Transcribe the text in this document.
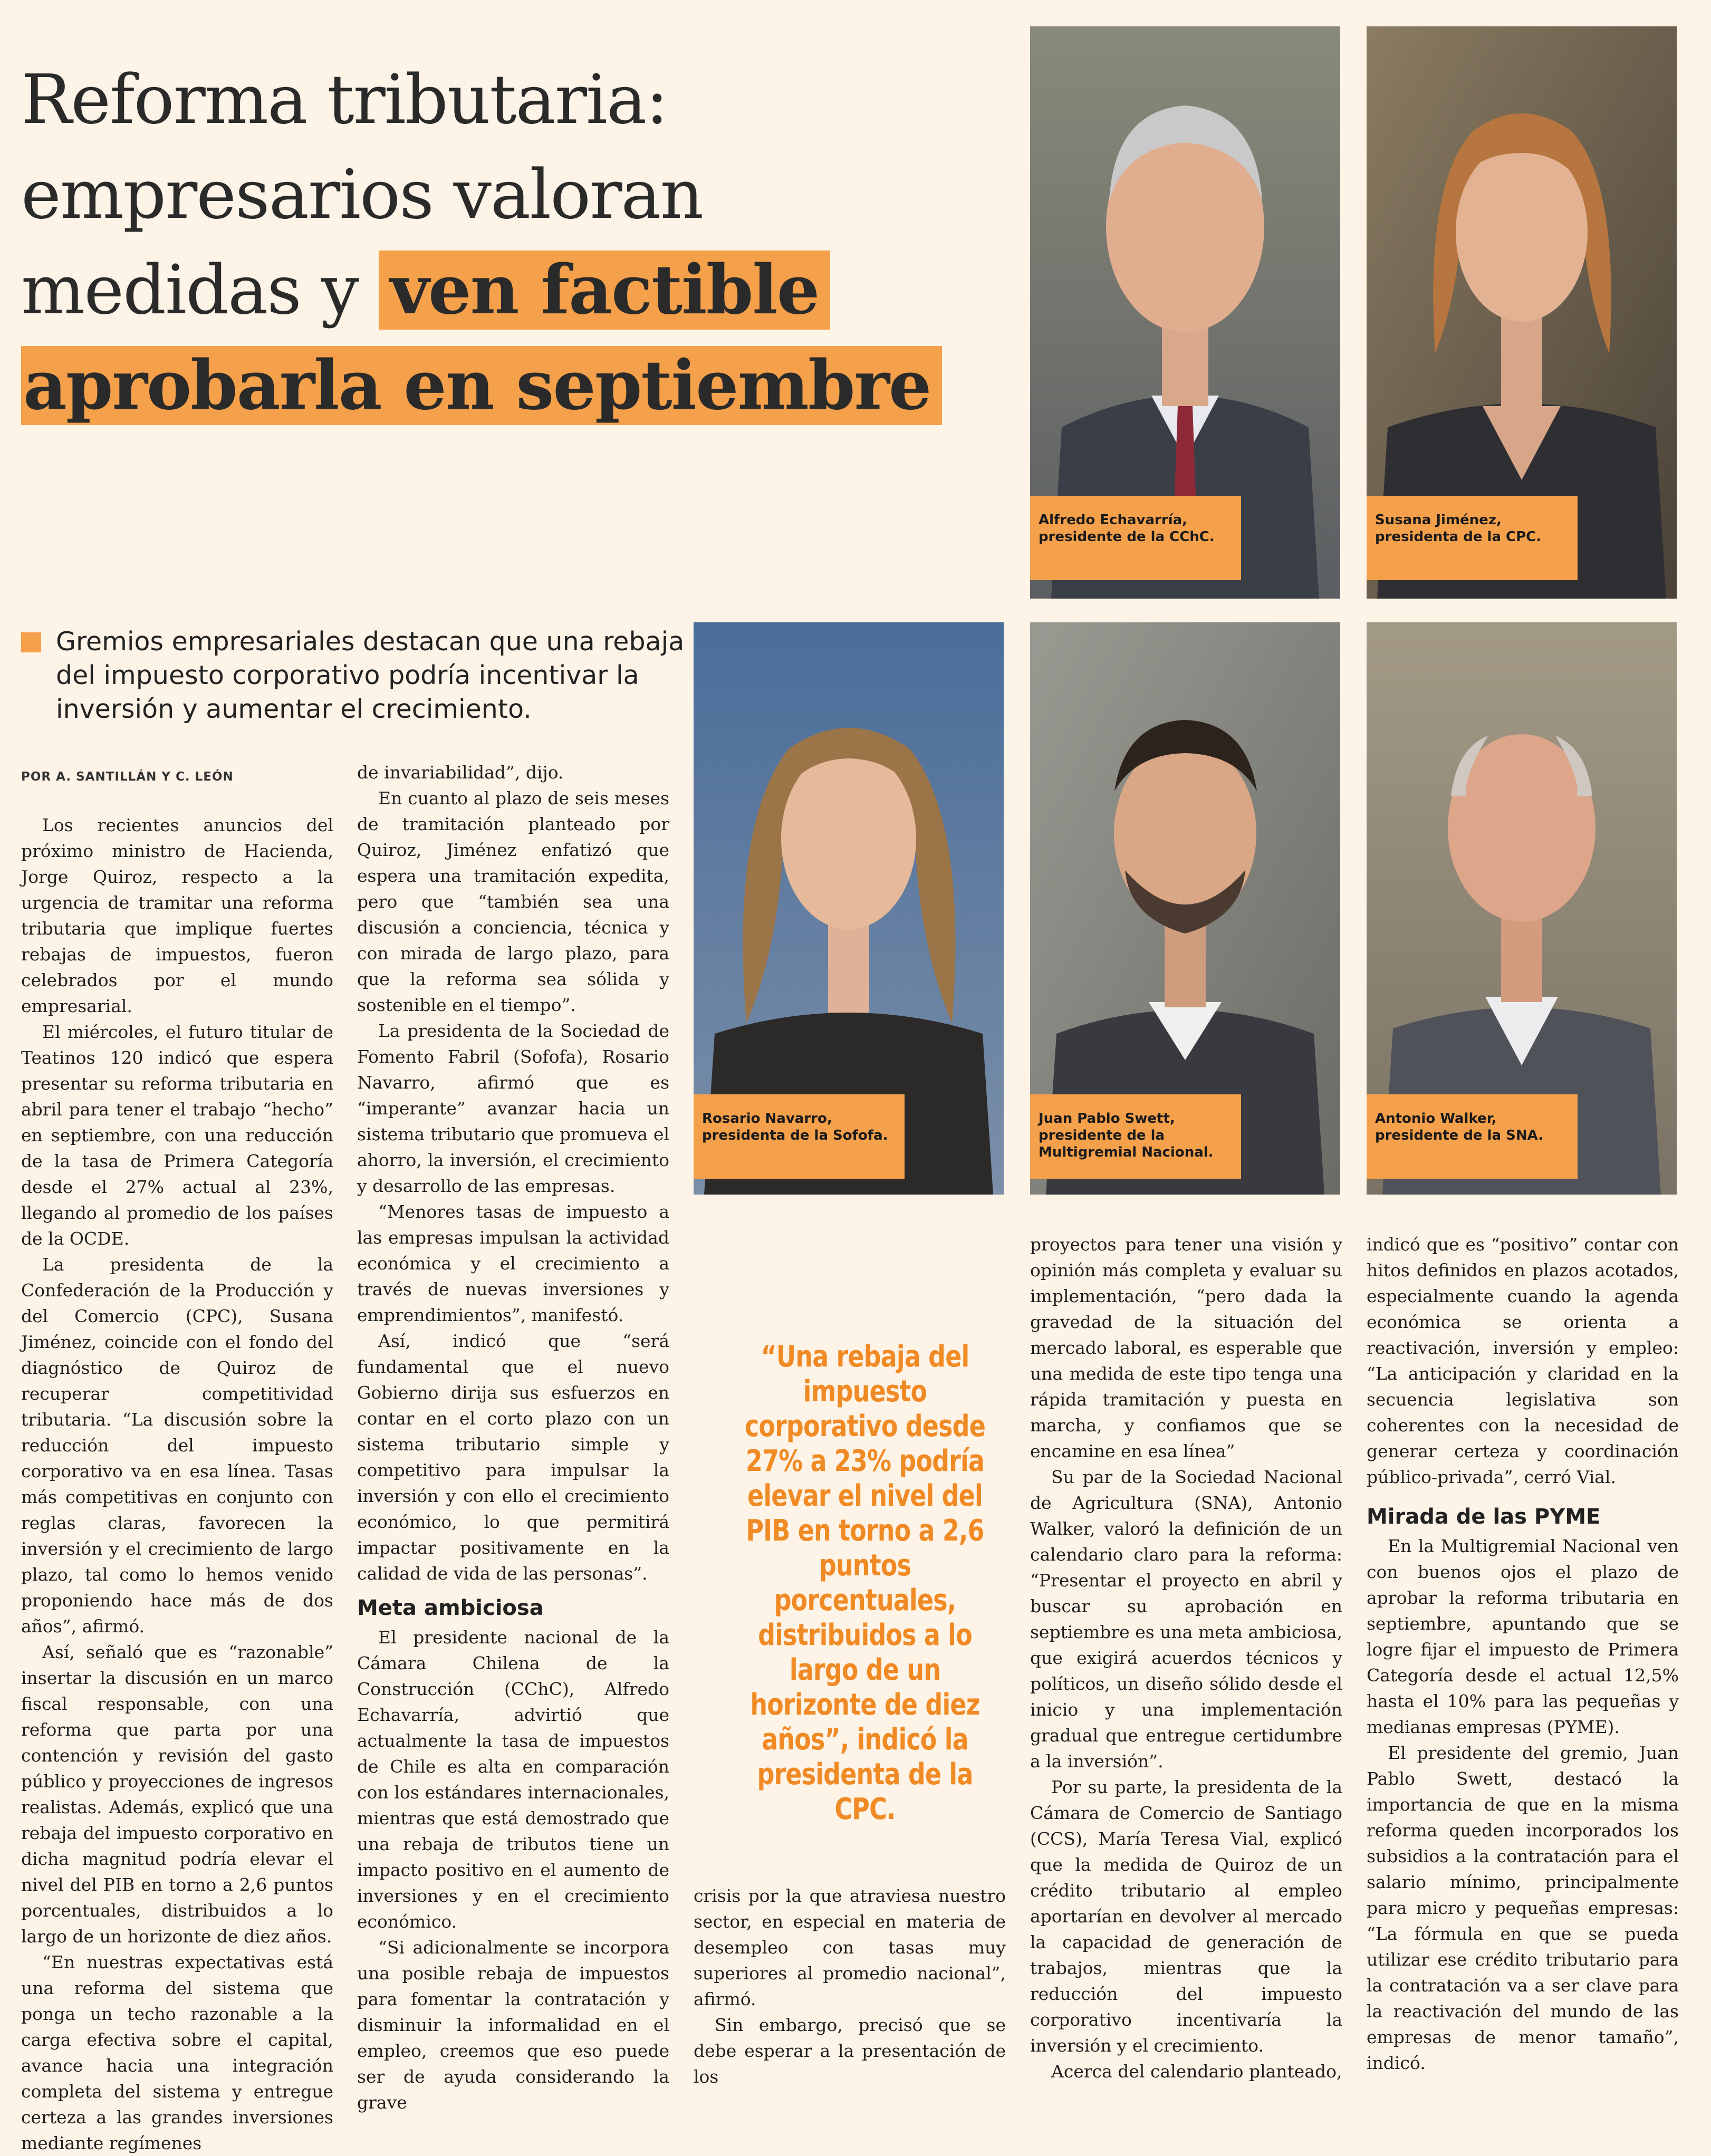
Reforma tributaria:
empresarios valoran
medidas y ven factible
aprobarla en septiembre
Gremios empresariales destacan que una rebaja del impuesto corporativo podría incentivar la inversión y aumentar el crecimiento.
POR A. SANTILLÁN Y C. LEÓN
Alfredo Echavarría,
presidente de la CChC.
Susana Jiménez,
presidenta de la CPC.
Rosario Navarro,
presidenta de la Sofofa.
Juan Pablo Swett,
presidente de la
Multigremial Nacional.
Antonio Walker,
presidente de la SNA.

Los recientes anuncios del próximo ministro de Hacienda, Jorge Quiroz, respecto a la urgencia de tramitar una reforma tributaria que implique fuertes rebajas de impuestos, fueron celebrados por el mundo empresarial.

El miércoles, el futuro titular de Teatinos 120 indicó que espera presentar su reforma tributaria en abril para tener el trabajo “hecho” en septiembre, con una reducción de la tasa de Primera Categoría desde el 27% actual al 23%, llegando al promedio de los países de la OCDE.

La presidenta de la Confederación de la Producción y del Comercio (CPC), Susana Jiménez, coincide con el fondo del diagnóstico de Quiroz de recuperar competitividad tributaria. “La discusión sobre la reducción del impuesto corporativo va en esa línea. Tasas más competitivas en conjunto con reglas claras, favorecen la inversión y el crecimiento de largo plazo, tal como lo hemos venido proponiendo hace más de dos años”, afirmó.

Así, señaló que es “razonable” insertar la discusión en un marco fiscal responsable, con una reforma que parta por una contención y revisión del gasto público y proyecciones de ingresos realistas. Además, explicó que una rebaja del impuesto corporativo en dicha magnitud podría elevar el nivel del PIB en torno a 2,6 puntos porcentuales, distribuidos a lo largo de un horizonte de diez años.

“En nuestras expectativas está una reforma del sistema que ponga un techo razonable a la carga efectiva sobre el capital, avance hacia una integración completa del sistema y entregue certeza a las grandes inversiones mediante regímenes

de invariabilidad”, dijo.

En cuanto al plazo de seis meses de tramitación planteado por Quiroz, Jiménez enfatizó que espera una tramitación expedita, pero que “también sea una discusión a conciencia, técnica y con mirada de largo plazo, para que la reforma sea sólida y sostenible en el tiempo”.

La presidenta de la Sociedad de Fomento Fabril (Sofofa), Rosario Navarro, afirmó que es “imperante” avanzar hacia un sistema tributario que promueva el ahorro, la inversión, el crecimiento y desarrollo de las empresas.

“Menores tasas de impuesto a las empresas impulsan la actividad económica y el crecimiento a través de nuevas inversiones y emprendimientos”, manifestó.

Así, indicó que “será fundamental que el nuevo Gobierno dirija sus esfuerzos en contar en el corto plazo con un sistema tributario simple y competitivo para impulsar la inversión y con ello el crecimiento económico, lo que permitirá impactar positivamente en la calidad de vida de las personas”.

Meta ambiciosa

El presidente nacional de la Cámara Chilena de la Construcción (CChC), Alfredo Echavarría, advirtió que actualmente la tasa de impuestos de Chile es alta en comparación con los estándares internacionales, mientras que está demostrado que una rebaja de tributos tiene un impacto positivo en el aumento de inversiones y en el crecimiento económico.

“Si adicionalmente se incorpora una posible rebaja de impuestos para fomentar la contratación y disminuir la informalidad en el empleo, creemos que eso puede ser de ayuda considerando la grave

“Una rebaja del impuesto corporativo desde 27% a 23% podría elevar el nivel del PIB en torno a 2,6 puntos porcentuales, distribuidos a lo largo de un horizonte de diez años”, indicó la presidenta de la CPC.

crisis por la que atraviesa nuestro sector, en especial en materia de desempleo con tasas muy superiores al promedio nacional”, afirmó.

Sin embargo, precisó que se debe esperar a la presentación de los

proyectos para tener una visión y opinión más completa y evaluar su implementación, “pero dada la gravedad de la situación del mercado laboral, es esperable que una medida de este tipo tenga una rápida tramitación y puesta en marcha, y confiamos que se encamine en esa línea”

Su par de la Sociedad Nacional de Agricultura (SNA), Antonio Walker, valoró la definición de un calendario claro para la reforma: “Presentar el proyecto en abril y buscar su aprobación en septiembre es una meta ambiciosa, que exigirá acuerdos técnicos y políticos, un diseño sólido desde el inicio y una implementación gradual que entregue certidumbre a la inversión”.

Por su parte, la presidenta de la Cámara de Comercio de Santiago (CCS), María Teresa Vial, explicó que la medida de Quiroz de un crédito tributario al empleo aportarían en devolver al mercado la capacidad de generación de trabajos, mientras que la reducción del impuesto corporativo incentivaría la inversión y el crecimiento.

Acerca del calendario planteado,

indicó que es “positivo” contar con hitos definidos en plazos acotados, especialmente cuando la agenda económica se orienta a reactivación, inversión y empleo: “La anticipación y claridad en la secuencia legislativa son coherentes con la necesidad de generar certeza y coordinación público-privada”, cerró Vial.

Mirada de las PYME

En la Multigremial Nacional ven con buenos ojos el plazo de aprobar la reforma tributaria en septiembre, apuntando que se logre fijar el impuesto de Primera Categoría desde el actual 12,5% hasta el 10% para las pequeñas y medianas empresas (PYME).

El presidente del gremio, Juan Pablo Swett, destacó la importancia de que en la misma reforma queden incorporados los subsidios a la contratación para el salario mínimo, principalmente para micro y pequeñas empresas: “La fórmula en que se pueda utilizar ese crédito tributario para la contratación va a ser clave para la reactivación del mundo de las empresas de menor tamaño”, indicó.
